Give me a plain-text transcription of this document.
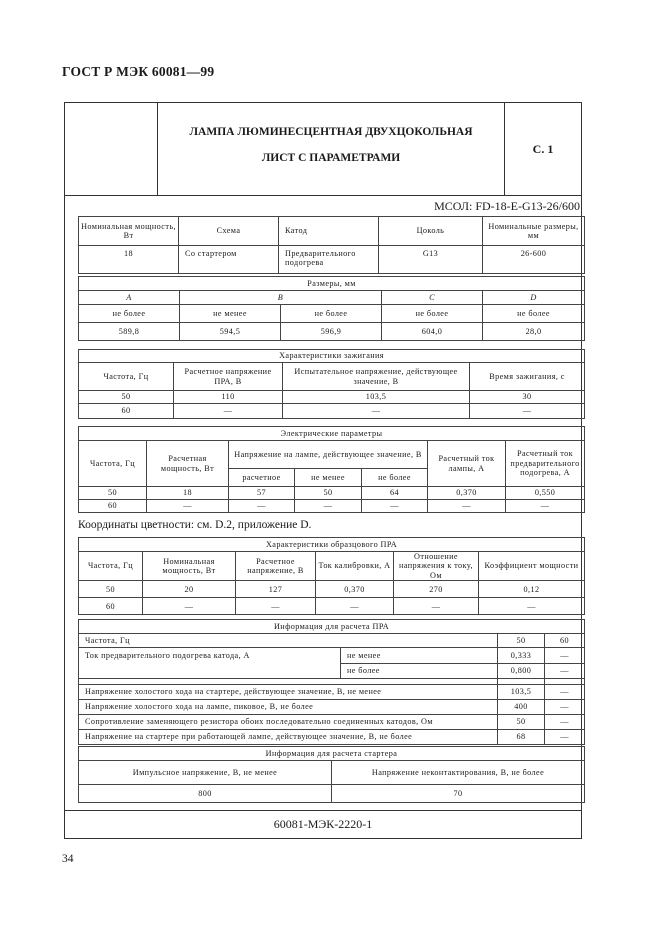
ГОСТ Р МЭК 60081—99
ЛАМПА ЛЮМИНЕСЦЕНТНАЯ ДВУХЦОКОЛЬНАЯ
ЛИСТ С ПАРАМЕТРАМИ
С. 1
МСОЛ: FD-18-E-G13-26/600
Номинальная мощность, Вт	Схема	Катод	Цоколь	Номинальные размеры, мм
18	Со стартером	Предварительного подогрева	G13	26-600
Размеры, мм				
A	B		C	D
не более	не менее	не более	не более	не более
589,8	594,5	596,9	604,0	28,0
Характеристики зажигания			
Частота, Гц	Расчетное напряжение ПРА, В	Испытательное напряжение, действующее значение, В	Время зажигания, с
50	110	103,5	30
60	—	—	—
Электрические параметры						
Частота, Гц	Расчетная мощность, Вт	Напряжение на лампе, действующее значение, В			Расчетный ток лампы, А	Расчетный ток предварительного подогрева, А
		расчетное	не менее	не более		
50	18	57	50	64	0,370	0,550
60	—	—	—	—	—	—
Координаты цветности: см. D.2, приложение D.
Характеристики образцового ПРА					
Частота, Гц	Номинальная мощность, Вт	Расчетное напряжение, В	Ток калибровки, А	Отношение напряжения к току, Ом	Коэффициент мощности
50	20	127	0,370	270	0,12
60	—	—	—	—	—
Информация для расчета ПРА			
Частота, Гц		50	60
Ток предварительного подогрева катода, А	не менее	0,333	—
	не более	0,800	—

Напряжение холостого хода на стартере, действующее значение, В, не менее		103,5	—
Напряжение холостого хода на лампе, пиковое, В, не более		400	—
Сопротивление заменяющего резистора обоих последовательно соединенных катодов, Ом		50	—
Напряжение на стартере при работающей лампе, действующее значение, В, не более		68	—
Информация для расчета стартера	
Импульсное напряжение, В, не менее	Напряжение неконтактирования, В, не более
800	70
60081-МЭК-2220-1
34
